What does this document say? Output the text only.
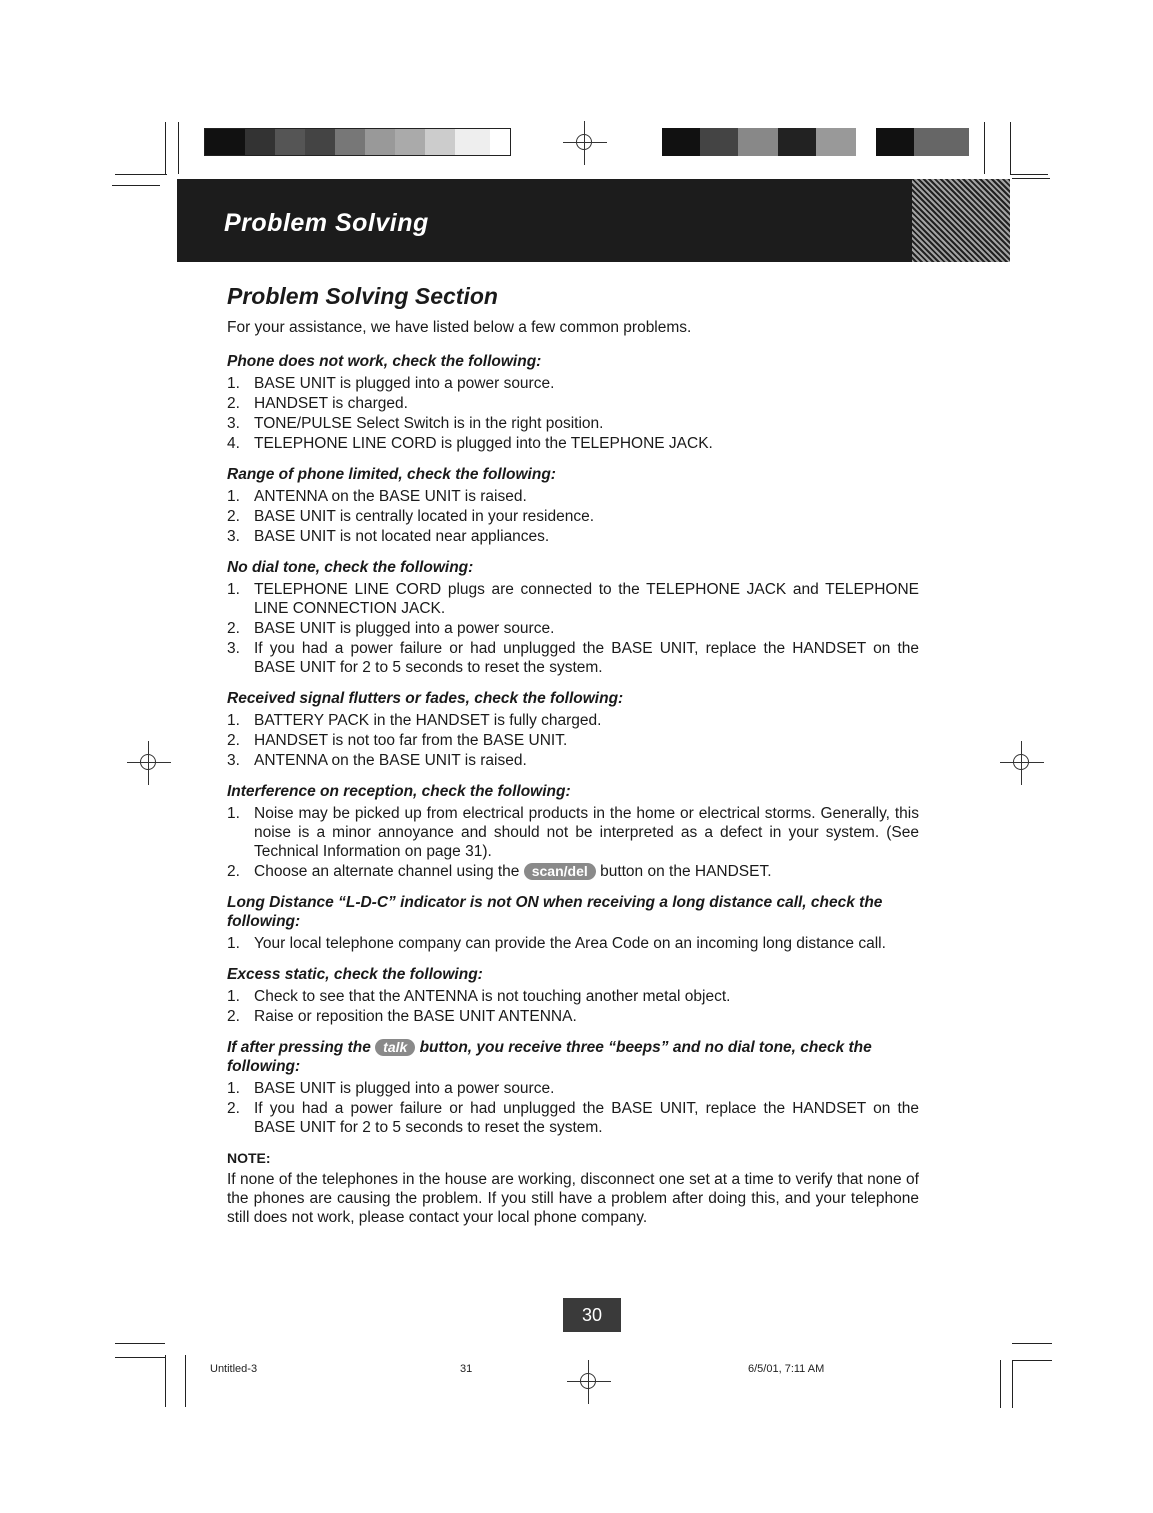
Problem Solving
Problem Solving Section
For your assistance, we have listed below a few common problems.
Phone does not work, check the following:
1. BASE UNIT is plugged into a power source.
2. HANDSET is charged.
3. TONE/PULSE Select Switch is in the right position.
4. TELEPHONE LINE CORD is plugged into the TELEPHONE JACK.
Range of phone limited, check the following:
1. ANTENNA on the BASE UNIT is raised.
2. BASE UNIT is centrally located in your residence.
3. BASE UNIT is not located near appliances.
No dial tone, check the following:
1. TELEPHONE LINE CORD plugs are connected to the TELEPHONE JACK and TELEPHONE LINE CONNECTION JACK.
2. BASE UNIT is plugged into a power source.
3. If you had a power failure or had unplugged the BASE UNIT, replace the HANDSET on the BASE UNIT for 2 to 5 seconds to reset the system.
Received signal flutters or fades, check the following:
1. BATTERY PACK in the HANDSET is fully charged.
2. HANDSET is not too far from the BASE UNIT.
3. ANTENNA on the BASE UNIT is raised.
Interference on reception, check the following:
1. Noise may be picked up from electrical products in the home or electrical storms. Generally, this noise is a minor annoyance and should not be interpreted as a defect in your system. (See Technical Information on page 31).
2. Choose an alternate channel using the scan/del button on the HANDSET.
Long Distance “L-D-C” indicator is not ON when receiving a long distance call, check the following:
1. Your local telephone company can provide the Area Code on an incoming long distance call.
Excess static, check the following:
1. Check to see that the ANTENNA is not touching another metal object.
2. Raise or reposition the BASE UNIT ANTENNA.
If after pressing the talk button, you receive three “beeps” and no dial tone, check the following:
1. BASE UNIT is plugged into a power source.
2. If you had a power failure or had unplugged the BASE UNIT, replace the HANDSET on the BASE UNIT for 2 to 5 seconds to reset the system.
NOTE:
If none of the telephones in the house are working, disconnect one set at a time to verify that none of the phones are causing the problem. If you still have a problem after doing this, and your telephone still does not work, please contact your local phone company.
30
Untitled-3	31	6/5/01, 7:11 AM
